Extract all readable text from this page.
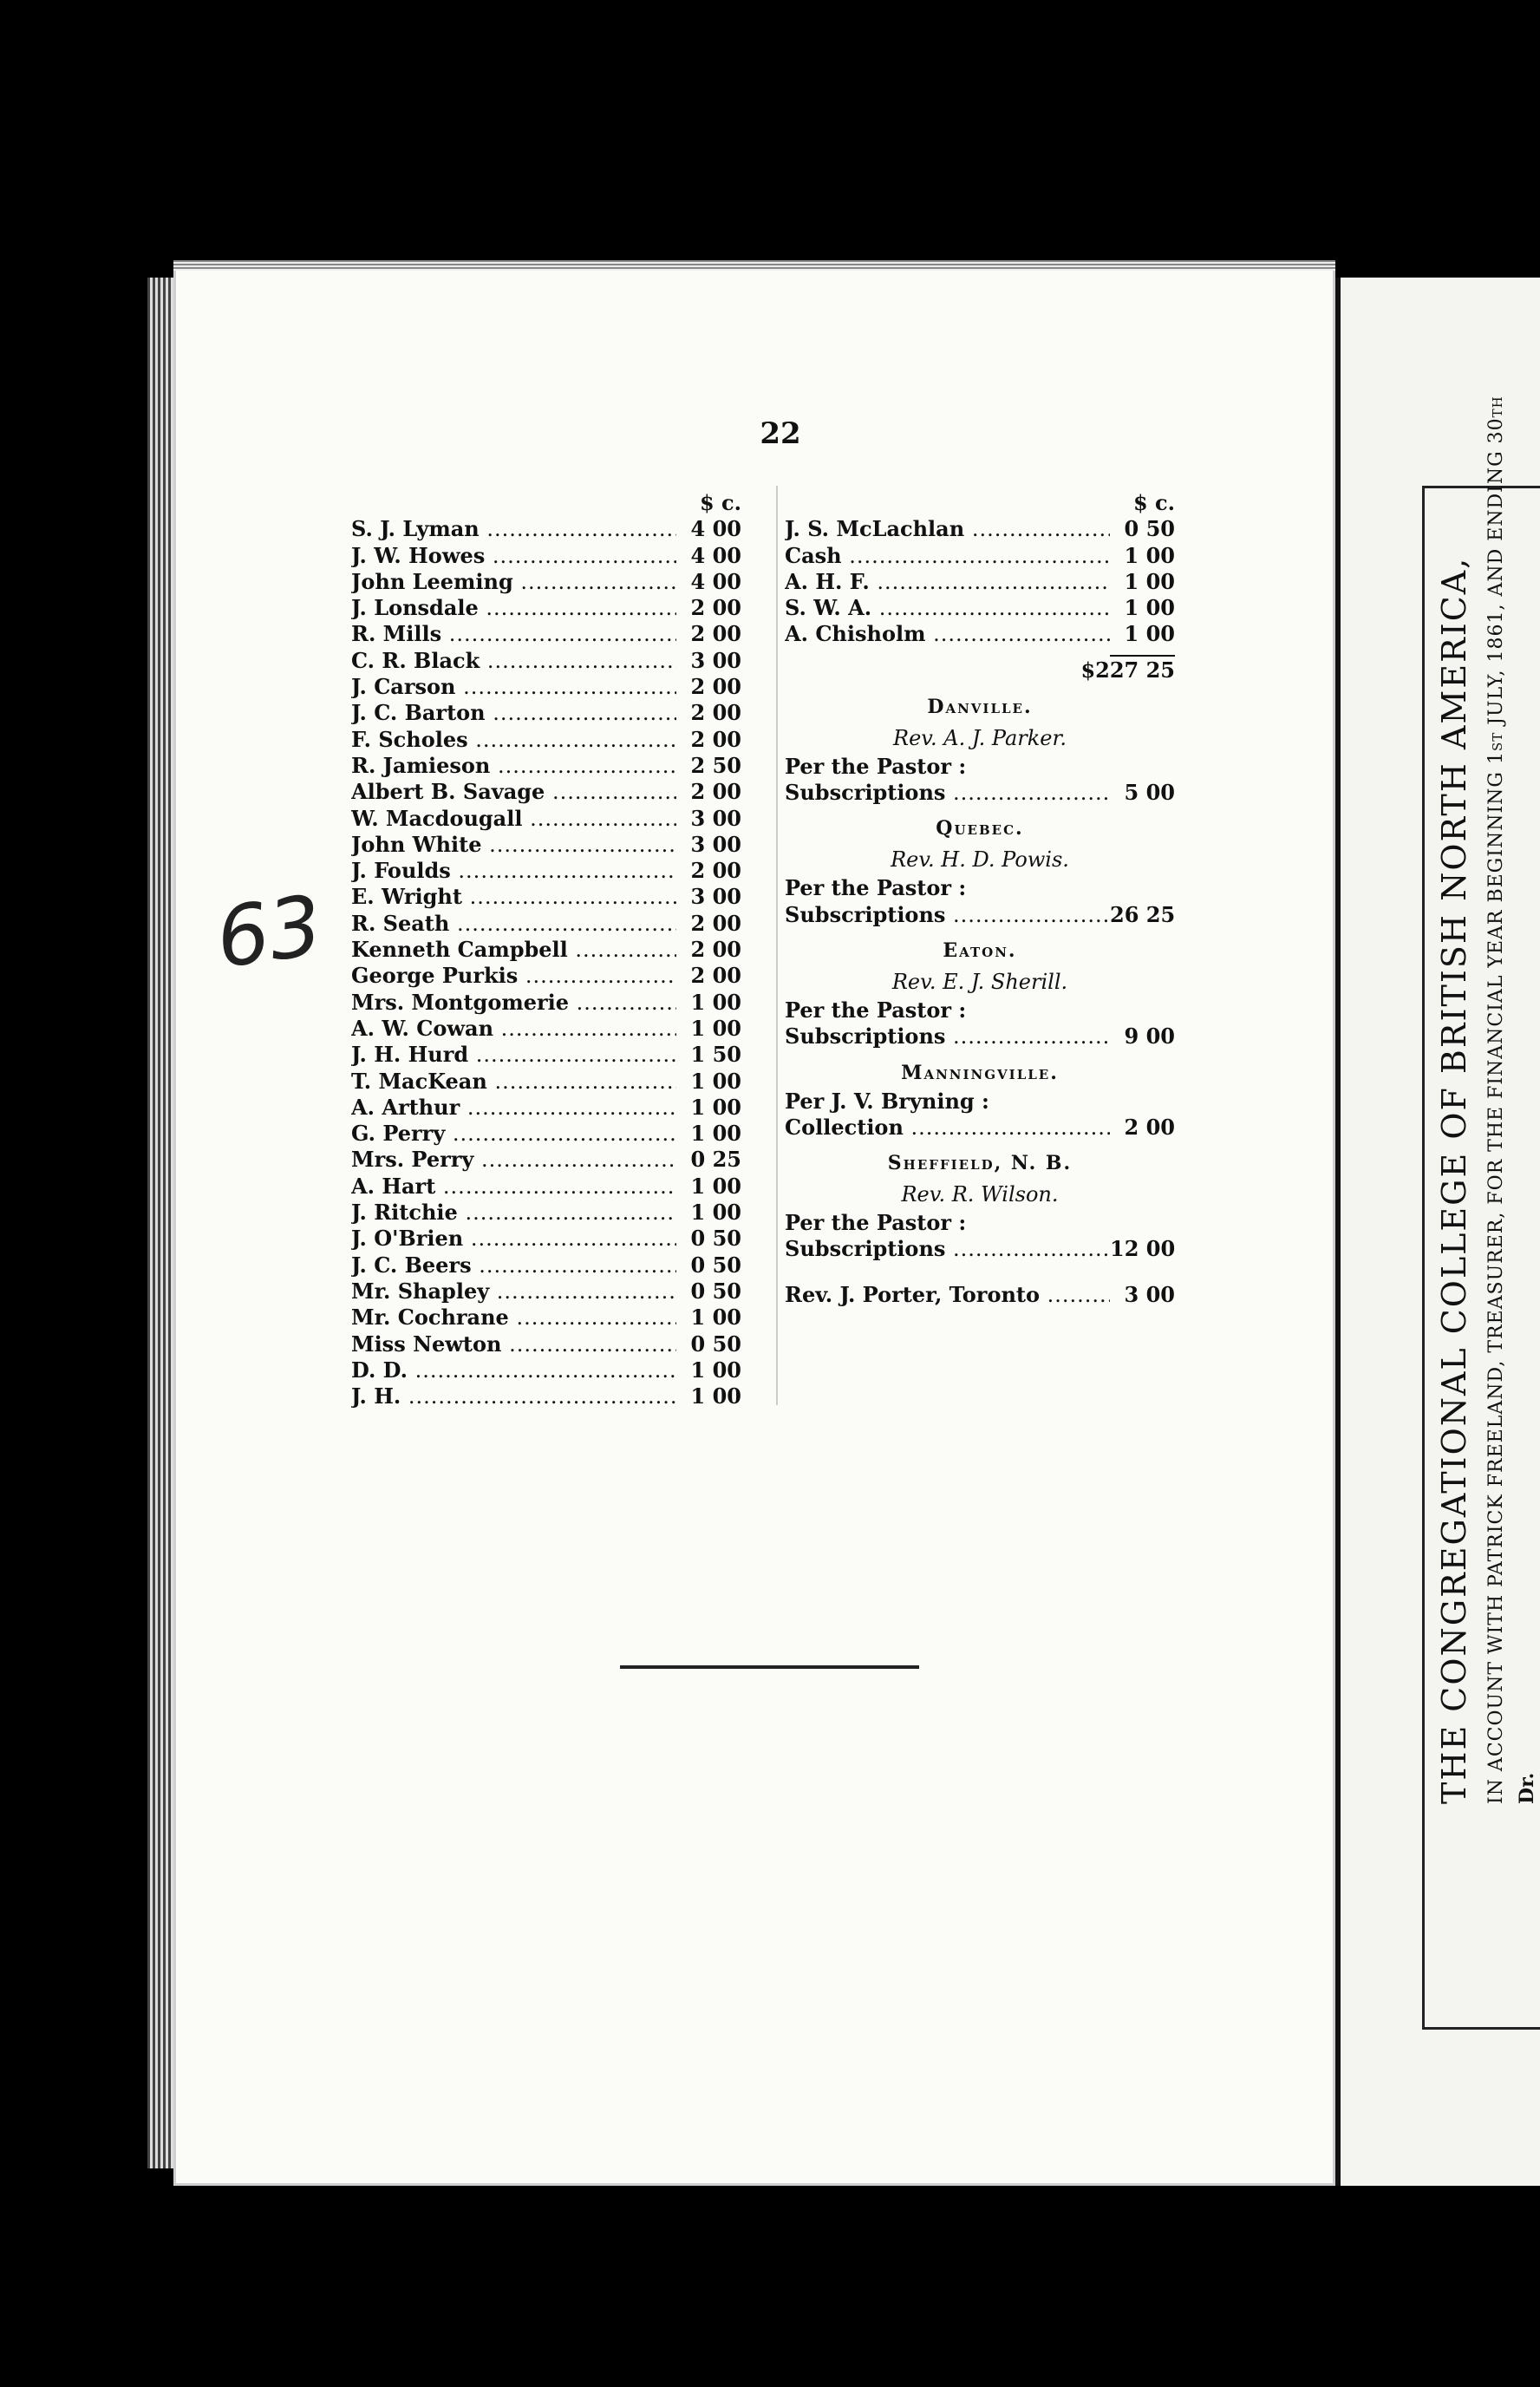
THE CONGREGATIONAL COLLEGE OF BRITISH NORTH AMERICA, IN ACCOUNT WITH PATRICK FREELAND, TREASURER, FOR THE FINANCIAL YEAR BEGINNING 1st JULY, 1861, AND ENDING 30th Dr.
22
63
$ c.
S. J. Lyman .....	4 00
J. W. Howes .....	4 00
John Leeming .....	4 00
J. Lonsdale .....	2 00
R. Mills .....	2 00
C. R. Black .....	3 00
J. Carson .....	2 00
J. C. Barton .....	2 00
F. Scholes .....	2 00
R. Jamieson .....	2 50
Albert B. Savage .....	2 00
W. Macdougall .....	3 00
John White .....	3 00
J. Foulds .....	2 00
E. Wright .....	3 00
R. Seath .....	2 00
Kenneth Campbell .....	2 00
George Purkis .....	2 00
Mrs. Montgomerie .....	1 00
A. W. Cowan .....	1 00
J. H. Hurd .....	1 50
T. MacKean .....	1 00
A. Arthur .....	1 00
G. Perry .....	1 00
Mrs. Perry .....	0 25
A. Hart .....	1 00
J. Ritchie .....	1 00
J. O'Brien .....	0 50
J. C. Beers .....	0 50
Mr. Shapley .....	0 50
Mr. Cochrane .....	1 00
Miss Newton .....	0 50
D. D. .....	1 00
J. H. .....	1 00
$ c.
J. S. McLachlan .....	0 50
Cash .....	1 00
A. H. F. .....	1 00
S. W. A. .....	1 00
A. Chisholm .....	1 00
$227 25
Danville.
Rev. A. J. Parker.
Per the Pastor :
Subscriptions .....	5 00
Quebec.
Rev. H. D. Powis.
Per the Pastor :
Subscriptions .....	26 25
Eaton.
Rev. E. J. Sherill.
Per the Pastor :
Subscriptions .....	9 00
Manningville.
Per J. V. Bryning :
Collection .....	2 00
Sheffield, N. B.
Rev. R. Wilson.
Per the Pastor :
Subscriptions .....	12 00
Rev. J. Porter, Toronto .....	3 00
